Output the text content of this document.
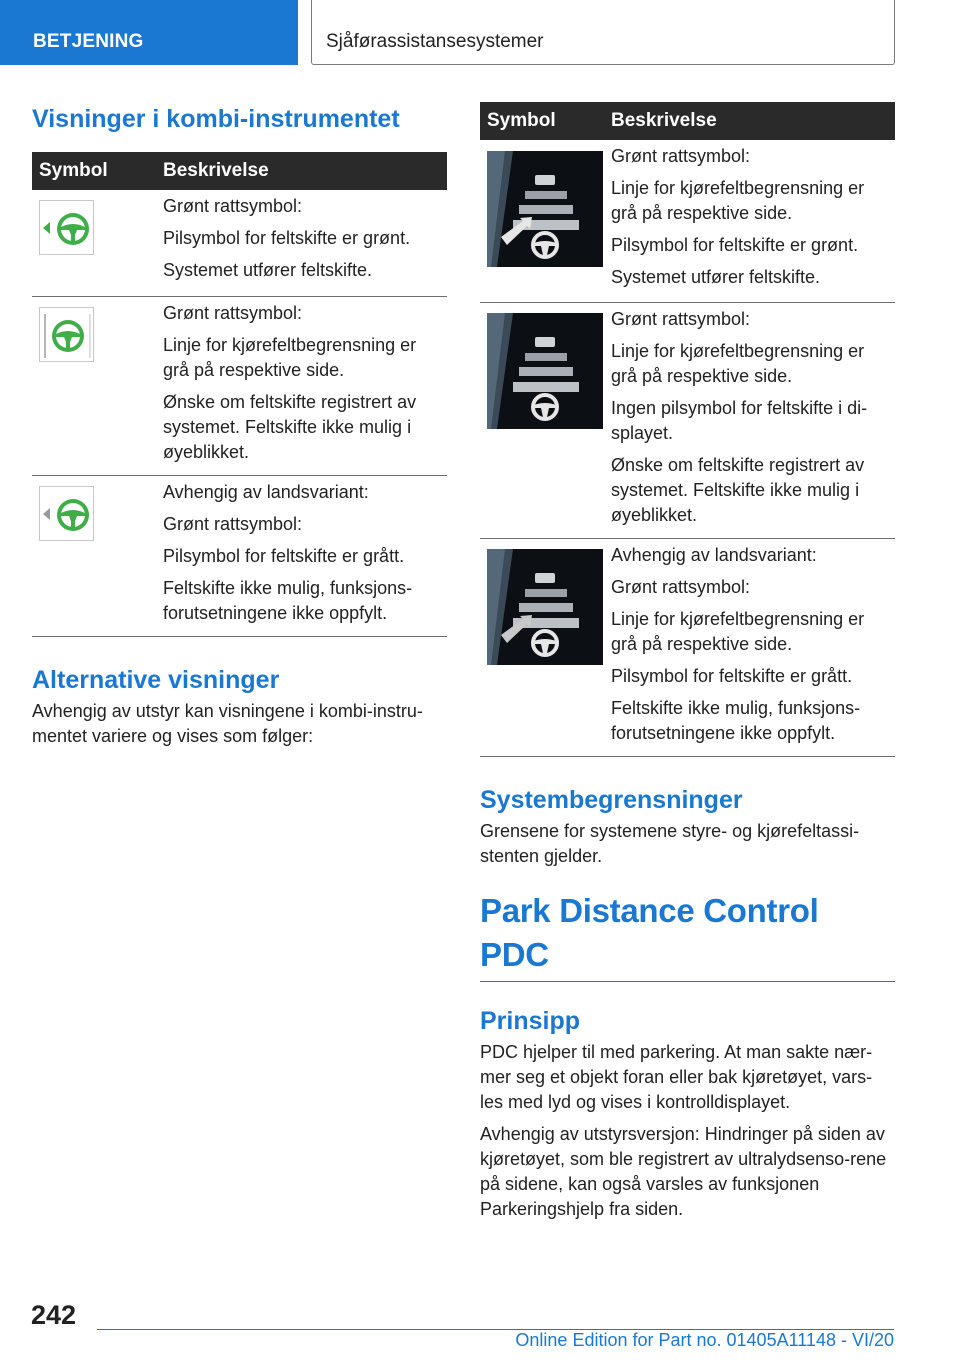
BETJENING	Sjåførassistansesystemer
Visninger i kombi-instrumentet
Symbol	Beskrivelse

Grønt rattsymbol:
Pilsymbol for feltskifte er grønt.
Systemet utfører feltskifte.

Grønt rattsymbol:
Linje for kjørefeltbegrensning er grå på respektive side.
Ønske om feltskifte registrert av systemet. Feltskifte ikke mulig i øyeblikket.

Avhengig av landsvariant:
Grønt rattsymbol:
Pilsymbol for feltskifte er grått.
Feltskifte ikke mulig, funksjons-forutsetningene ikke oppfylt.
Alternative visninger

Avhengig av utstyr kan visningene i kombi-instru-mentet variere og vises som følger:

Symbol	Beskrivelse

Grønt rattsymbol:
Linje for kjørefeltbegrensning er grå på respektive side.
Pilsymbol for feltskifte er grønt.
Systemet utfører feltskifte.

Grønt rattsymbol:
Linje for kjørefeltbegrensning er grå på respektive side.
Ingen pilsymbol for feltskifte i di-splayet.
Ønske om feltskifte registrert av systemet. Feltskifte ikke mulig i øyeblikket.

Avhengig av landsvariant:
Grønt rattsymbol:
Linje for kjørefeltbegrensning er grå på respektive side.
Pilsymbol for feltskifte er grått.
Feltskifte ikke mulig, funksjons-forutsetningene ikke oppfylt.
Systembegrensninger

Grensene for systemene styre- og kjørefeltassi-stenten gjelder.

Park Distance Control PDC
Prinsipp

PDC hjelper til med parkering. At man sakte nær-mer seg et objekt foran eller bak kjøretøyet, vars-les med lyd og vises i kontrolldisplayet.

Avhengig av utstyrsversjon: Hindringer på siden av kjøretøyet, som ble registrert av ultralydsenso-rene på sidene, kan også varsles av funksjonen Parkeringshjelp fra siden.

242
Online Edition for Part no. 01405A11148 - VI/20
